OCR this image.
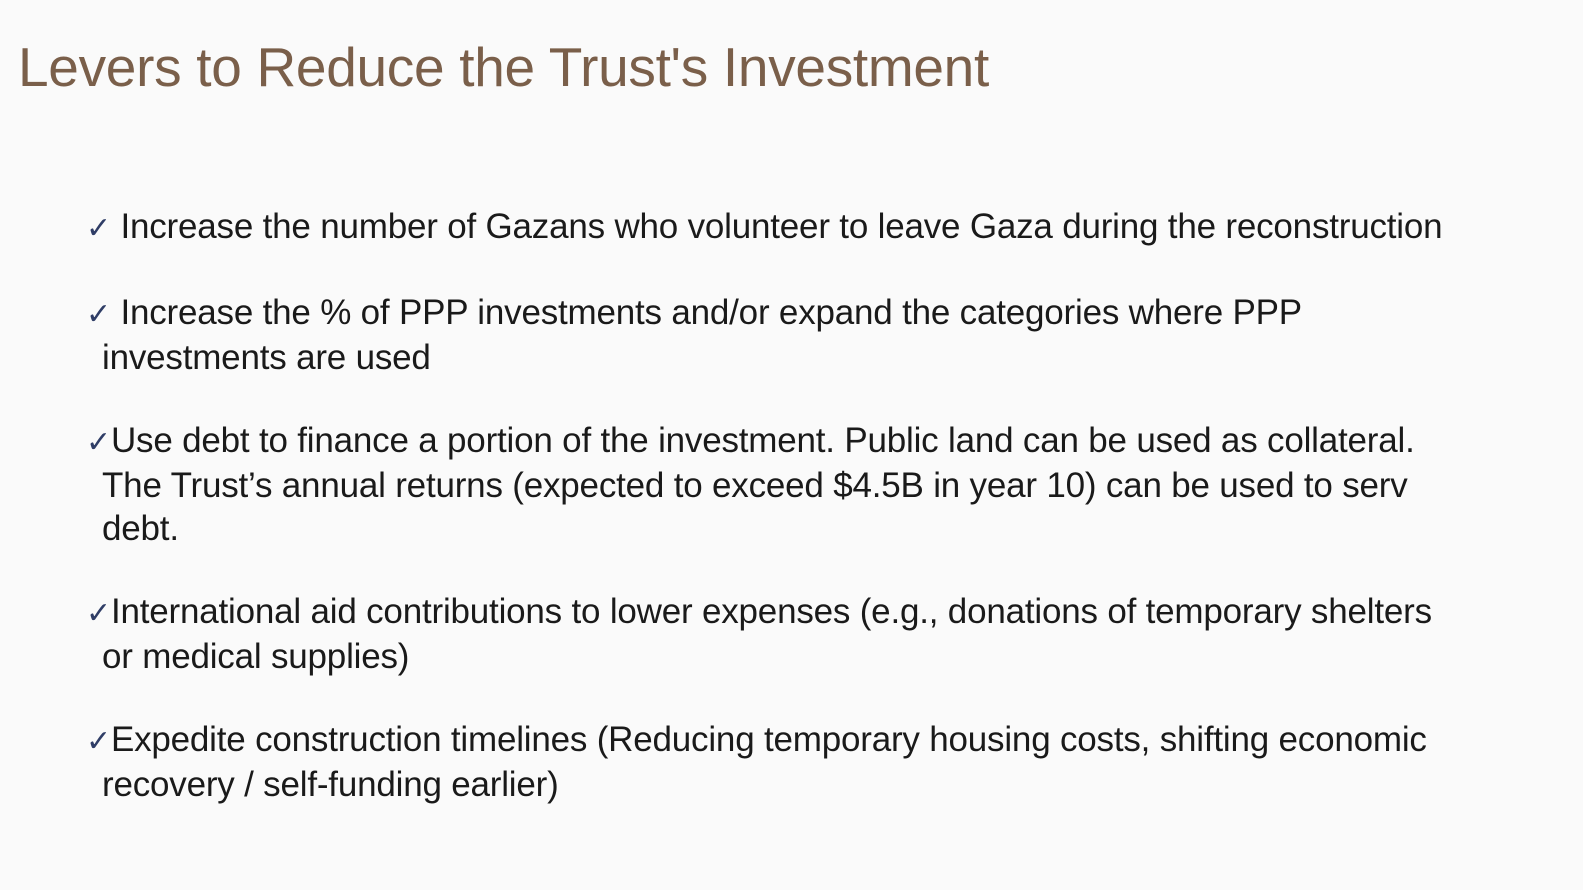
Levers to Reduce the Trust's Investment
✓ Increase the number of Gazans who volunteer to leave Gaza during the reconstruction
✓ Increase the % of PPP investments and/or expand the categories where PPP
investments are used
✓Use debt to finance a portion of the investment. Public land can be used as collateral.
The Trust’s annual returns (expected to exceed $4.5B in year 10) can be used to serv
debt.
✓International aid contributions to lower expenses (e.g., donations of temporary shelters
or medical supplies)
✓Expedite construction timelines (Reducing temporary housing costs, shifting economic
recovery / self-funding earlier)
